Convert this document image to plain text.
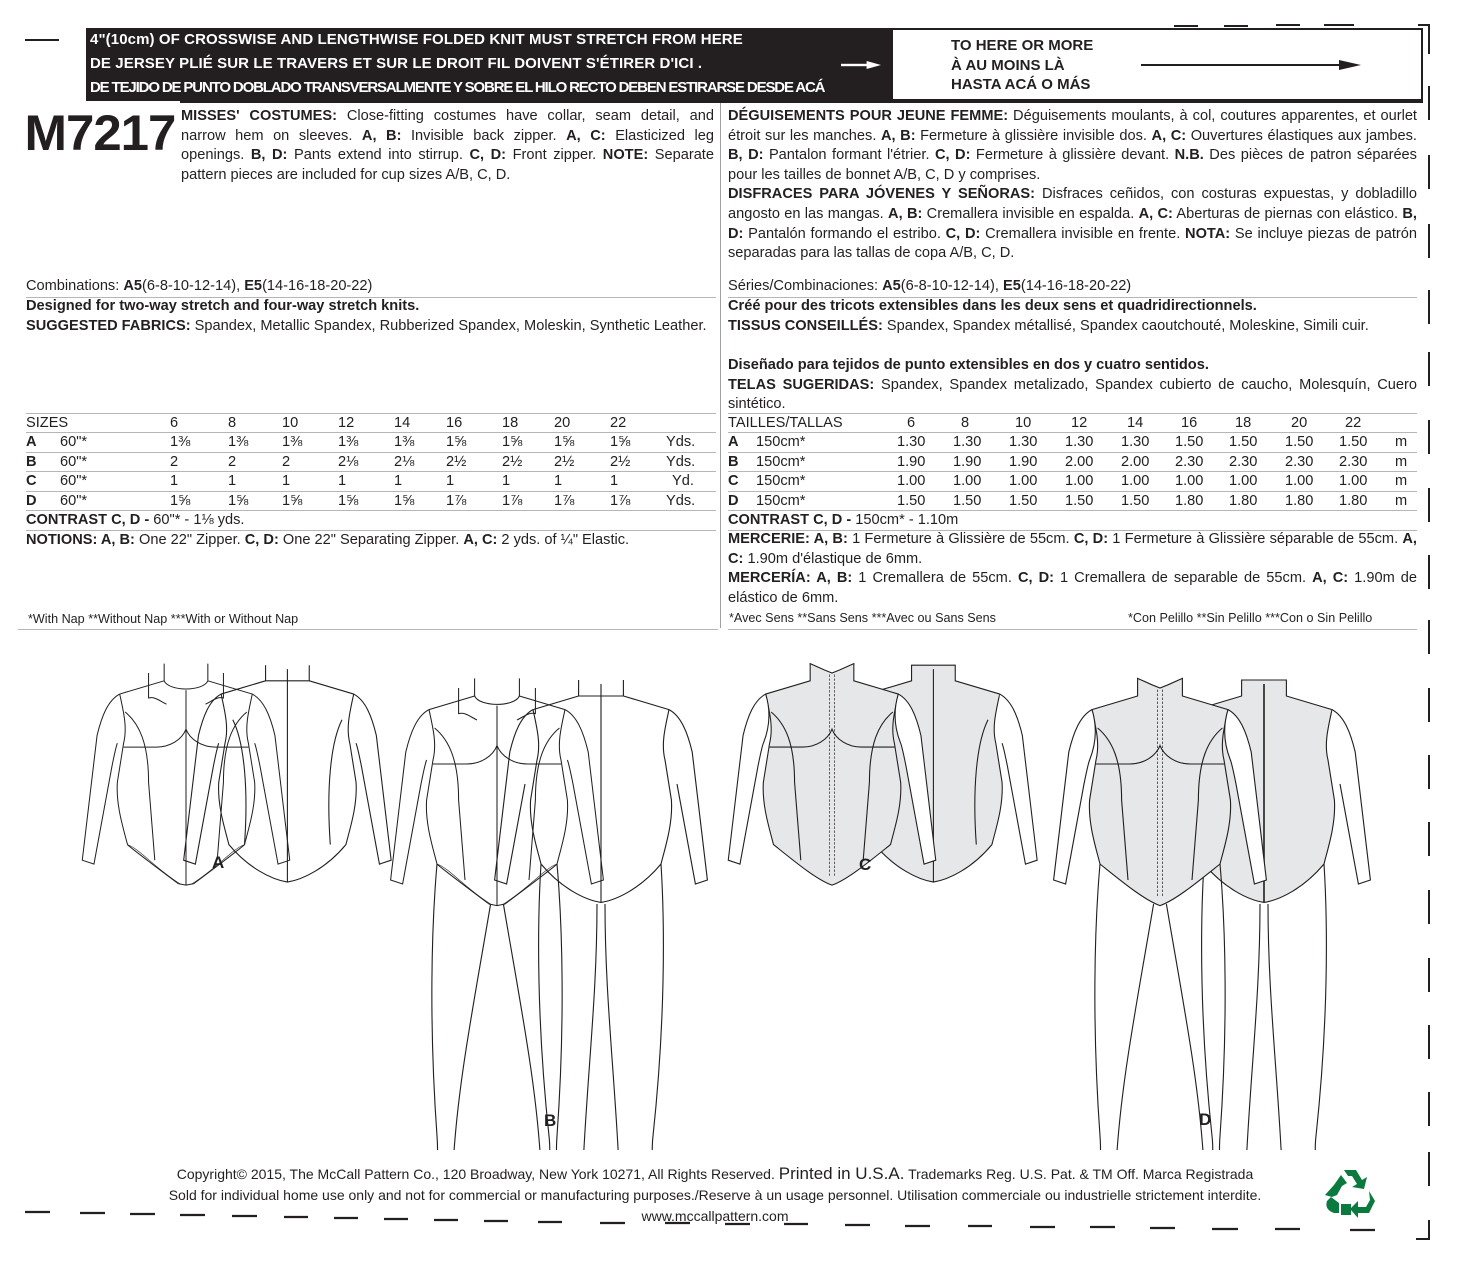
4"(10cm) OF CROSSWISE AND LENGTHWISE FOLDED KNIT MUST STRETCH FROM HERE
DE JERSEY PLIÉ SUR LE TRAVERS ET SUR LE DROIT FIL DOIVENT S'ÉTIRER D'ICI .
DE TEJIDO DE PUNTO DOBLADO TRANSVERSALMENTE Y SOBRE EL HILO RECTO DEBEN ESTIRARSE DESDE ACÁ
TO HERE OR MORE
À AU MOINS LÀ
HASTA ACÁ O MÁS
M7217 MISSES' COSTUMES: Close-fitting costumes have collar, seam detail, and narrow hem on sleeves. A, B: Invisible back zipper. A, C: Elasticized leg openings. B, D: Pants extend into stirrup. C, D: Front zipper. NOTE: Separate pattern pieces are included for cup sizes A/B, C, D.
DÉGUISEMENTS POUR JEUNE FEMME: Déguisements moulants, à col, coutures apparentes, et ourlet étroit sur les manches. A, B: Fermeture à glissière invisible dos. A, C: Ouvertures élastiques aux jambes. B, D: Pantalon formant l'étrier. C, D: Fermeture à glissière devant. N.B. Des pièces de patron séparées pour les tailles de bonnet A/B, C, D y comprises.
DISFRACES PARA JÓVENES Y SEÑORAS: Disfraces ceñidos, con costuras expuestas, y dobladillo angosto en las mangas. A, B: Cremallera invisible en espalda. A, C: Aberturas de piernas con elástico. B, D: Pantalón formando el estribo. C, D: Cremallera invisible en frente. NOTA: Se incluye piezas de patrón separadas para las tallas de copa A/B, C, D.
Combinations: A5(6-8-10-12-14), E5(14-16-18-20-22)
Designed for two-way stretch and four-way stretch knits.
SUGGESTED FABRICS: Spandex, Metallic Spandex, Rubberized Spandex, Moleskin, Synthetic Leather.
Séries/Combinaciones: A5(6-8-10-12-14), E5(14-16-18-20-22)
Créé pour des tricots extensibles dans les deux sens et quadridirectionnels.
TISSUS CONSEILLÉS: Spandex, Spandex métallisé, Spandex caoutchouté, Moleskine, Simili cuir.
Diseñado para tejidos de punto extensibles en dos y cuatro sentidos.
TELAS SUGERIDAS: Spandex, Spandex metalizado, Spandex cubierto de caucho, Molesquín, Cuero sintético.
SIZES		6	8	10	12	14	16	18	20	22	
A	60"*	1⅜	1⅜	1⅜	1⅜	1⅜	1⅝	1⅝	1⅝	1⅝	Yds.
B	60"*	2	2	2	2⅛	2⅛	2½	2½	2½	2½	Yds.
C	60"*	1	1	1	1	1	1	1	1	1	Yd.
D	60"*	1⅝	1⅝	1⅝	1⅝	1⅝	1⅞	1⅞	1⅞	1⅞	Yds.
CONTRAST C, D - 60"* - 1⅛ yds.											
NOTIONS: A, B: One 22" Zipper. C, D: One 22" Separating Zipper. A, C: 2 yds. of ¼" Elastic.											
*With Nap **Without Nap ***With or Without Nap
TAILLES/TALLAS		6	8	10	12	14	16	18	20	22	
A	150cm*	1.30	1.30	1.30	1.30	1.30	1.50	1.50	1.50	1.50	m
B	150cm*	1.90	1.90	1.90	2.00	2.00	2.30	2.30	2.30	2.30	m
C	150cm*	1.00	1.00	1.00	1.00	1.00	1.00	1.00	1.00	1.00	m
D	150cm*	1.50	1.50	1.50	1.50	1.50	1.80	1.80	1.80	1.80	m
CONTRAST C, D - 150cm* - 1.10m											
MERCERIE: A, B: 1 Fermeture à Glissière de 55cm. C, D: 1 Fermeture à Glissière séparable de 55cm. A, C: 1.90m d'élastique de 6mm.
MERCERÍA: A, B: 1 Cremallera de 55cm. C, D: 1 Cremallera de separable de 55cm. A, C: 1.90m de elástico de 6mm.
*Avec Sens **Sans Sens ***Avec ou Sans Sens	*Con Pelillo **Sin Pelillo ***Con o Sin Pelillo
A
B
C
D
Copyright© 2015, The McCall Pattern Co., 120 Broadway, New York 10271, All Rights Reserved. Printed in U.S.A. Trademarks Reg. U.S. Pat. & TM Off. Marca Registrada
Sold for individual home use only and not for commercial or manufacturing purposes./Reserve à un usage personnel. Utilisation commerciale ou industrielle strictement interdite.
www.mccallpattern.com
